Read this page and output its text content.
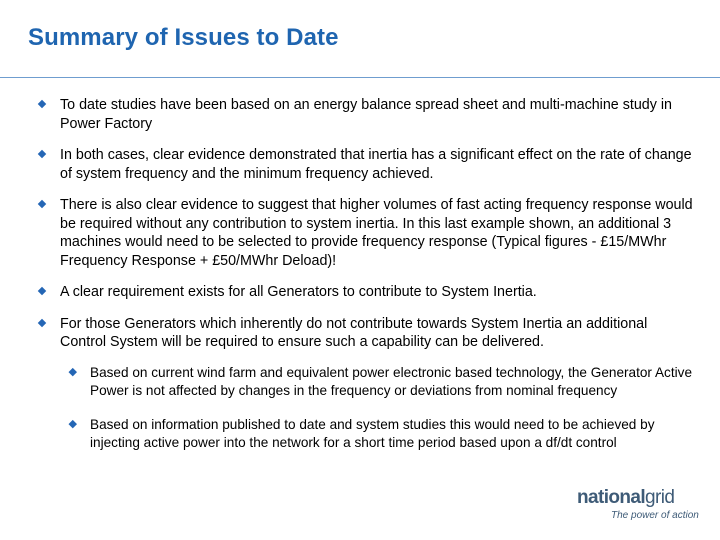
Summary of Issues to Date
To date studies have been based on an energy balance spread sheet and multi-machine study in Power Factory
In both cases, clear evidence demonstrated that inertia has a significant effect on the rate of change of system frequency and the minimum frequency achieved.
There is also clear evidence to suggest that higher volumes of fast acting frequency response would be required without any contribution to system inertia. In this last example shown, an additional 3 machines would need to be selected to provide frequency response (Typical figures - £15/MWhr Frequency Response + £50/MWhr Deload)!
A clear requirement exists for all Generators to contribute to System Inertia.
For those Generators which inherently do not contribute towards System Inertia an additional Control System will be required to ensure such a capability can be delivered.
Based on current wind farm and equivalent power electronic based technology, the Generator Active Power is not affected by changes in the frequency or deviations from nominal frequency
Based on information published to date and system studies this would need to be achieved by injecting active power into the network for a short time period based upon a df/dt control
nationalgrid
The power of action
